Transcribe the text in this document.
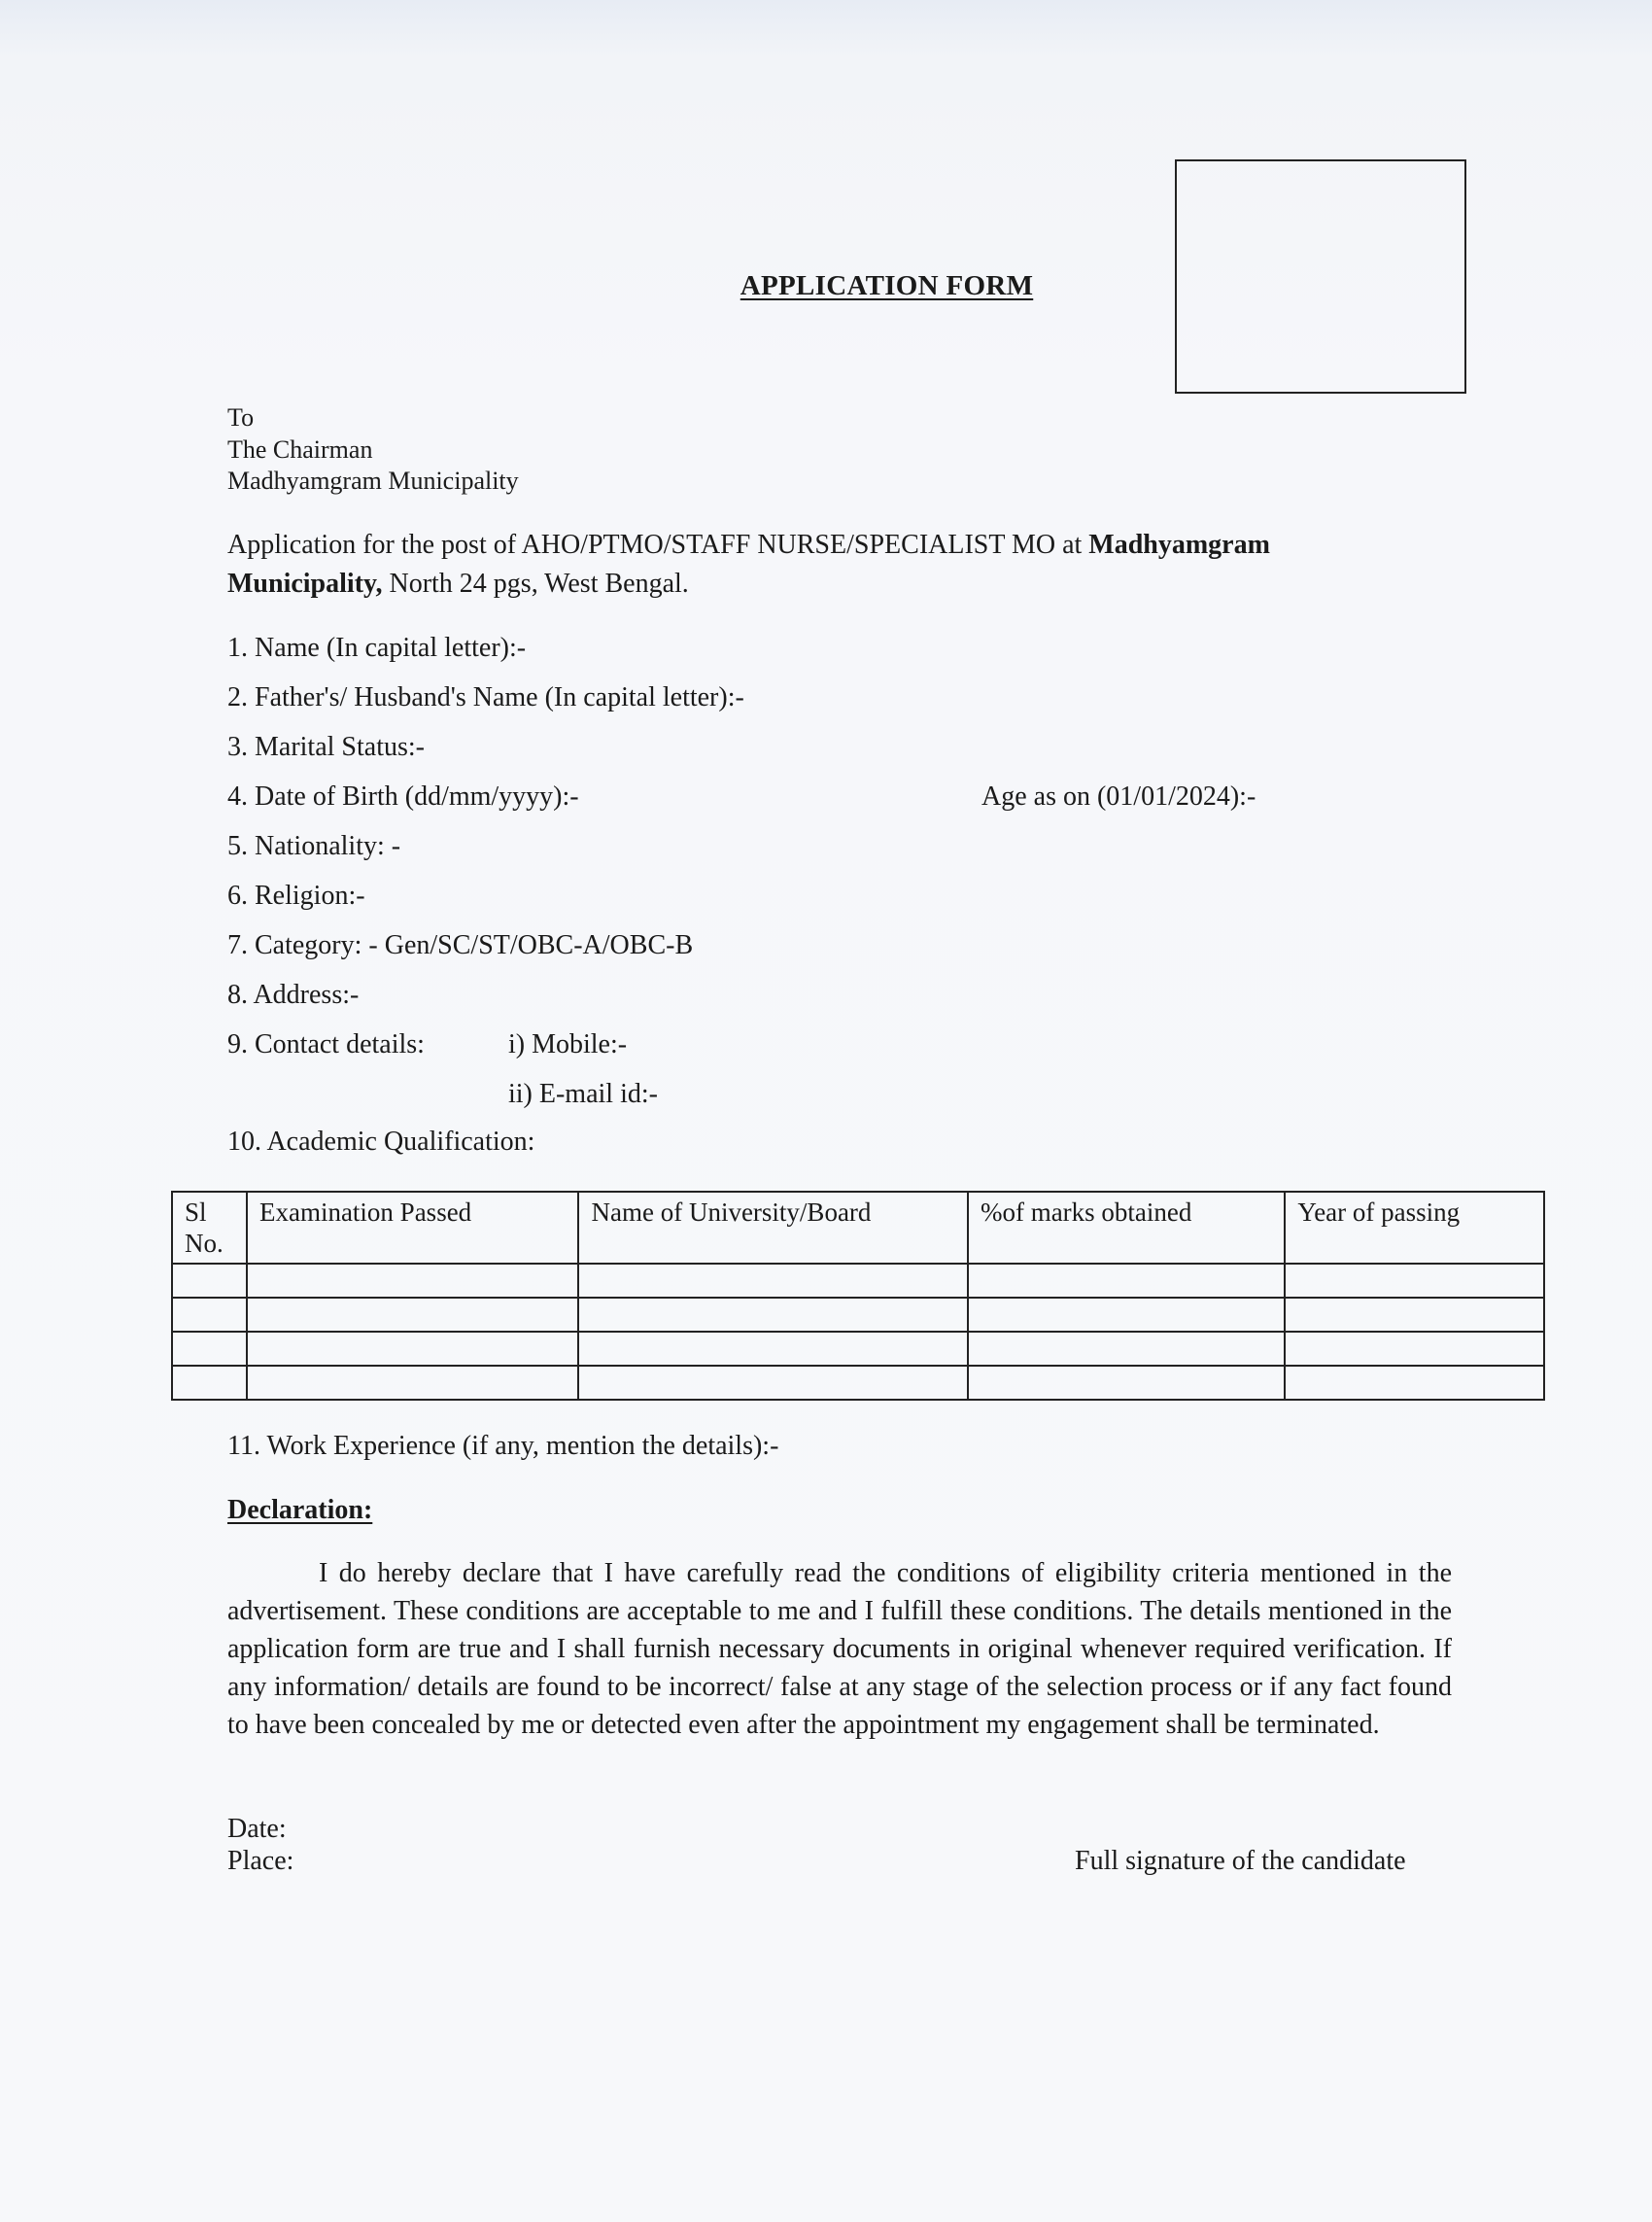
APPLICATION FORM
To
The Chairman
Madhyamgram Municipality
Application for the post of AHO/PTMO/STAFF NURSE/SPECIALIST MO at Madhyamgram
Municipality, North 24 pgs, West Bengal.
1. Name (In capital letter):-
2. Father's/ Husband's Name (In capital letter):-
3. Marital Status:-
4. Date of Birth (dd/mm/yyyy):-	Age as on (01/01/2024):-
5. Nationality: -
6. Religion:-
7. Category: - Gen/SC/ST/OBC-A/OBC-B
8. Address:-
9. Contact details:	i) Mobile:-
ii) E-mail id:-
10. Academic Qualification:
Sl No.	Examination Passed	Name of University/Board	%of marks obtained	Year of passing

11. Work Experience (if any, mention the details):-
Declaration:
I do hereby declare that I have carefully read the conditions of eligibility criteria mentioned in the advertisement. These conditions are acceptable to me and I fulfill these conditions. The details mentioned in the application form are true and I shall furnish necessary documents in original whenever required verification. If any information/ details are found to be incorrect/ false at any stage of the selection process or if any fact found to have been concealed by me or detected even after the appointment my engagement shall be terminated.
Date:
Place:	Full signature of the candidate
